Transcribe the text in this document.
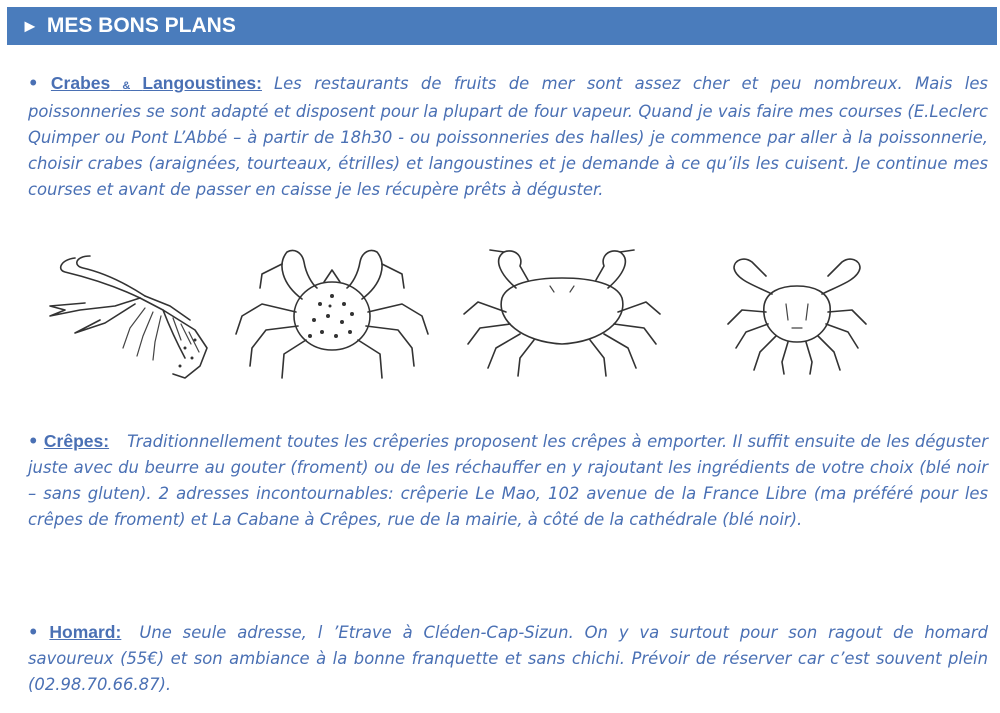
► MES BONS PLANS
• Crabes & Langoustines: Les restaurants de fruits de mer sont assez cher et peu nombreux. Mais les poissonneries se sont adapté et disposent pour la plupart de four vapeur. Quand je vais faire mes courses (E.Leclerc Quimper ou Pont L’Abbé – à partir de 18h30 - ou poissonneries des halles) je commence par aller à la poissonnerie, choisir crabes (araignées, tourteaux, étrilles) et langoustines et je demande à ce qu’ils les cuisent. Je continue mes courses et avant de passer en caisse je les récupère prêts à déguster.
• Crêpes: Traditionnellement toutes les crêperies proposent les crêpes à emporter. Il suffit ensuite de les déguster juste avec du beurre au gouter (froment) ou de les réchauffer en y rajoutant les ingrédients de votre choix (blé noir – sans gluten). 2 adresses incontournables: crêperie Le Mao, 102 avenue de la France Libre (ma préféré pour les crêpes de froment) et La Cabane à Crêpes, rue de la mairie, à côté de la cathédrale (blé noir).
• Homard: Une seule adresse, l ’Etrave à Cléden-Cap-Sizun. On y va surtout pour son ragout de homard savoureux (55€) et son ambiance à la bonne franquette et sans chichi. Prévoir de réserver car c’est souvent plein (02.98.70.66.87).
